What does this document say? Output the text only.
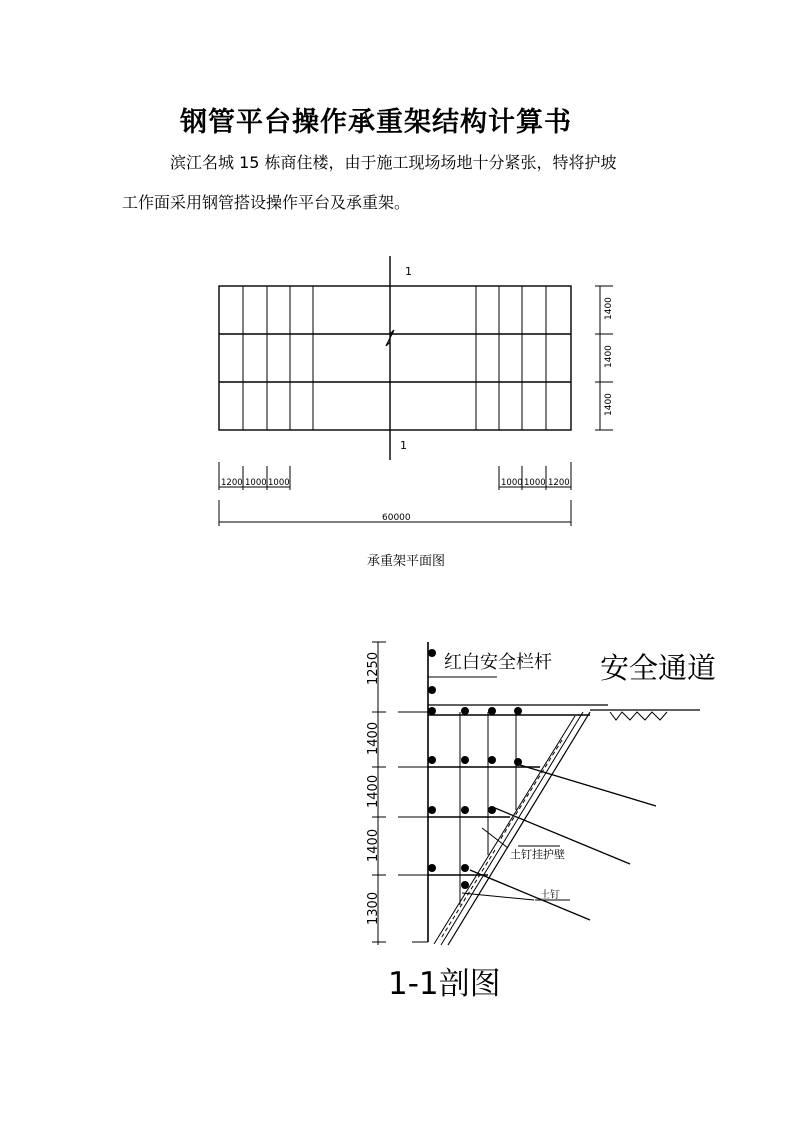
钢管平台操作承重架结构计算书
滨江名城 15 栋商住楼，由于施工现场场地十分紧张，特将护坡
工作面采用钢管搭设操作平台及承重架。
1
1
1400
1400
1400
1200 1000 1000	1000 1000 1200
60000
承重架平面图
1250
1400
1400
1400
1300
红白安全栏杆 安全通道
土钉挂护壁
土钉
1-1剖图
